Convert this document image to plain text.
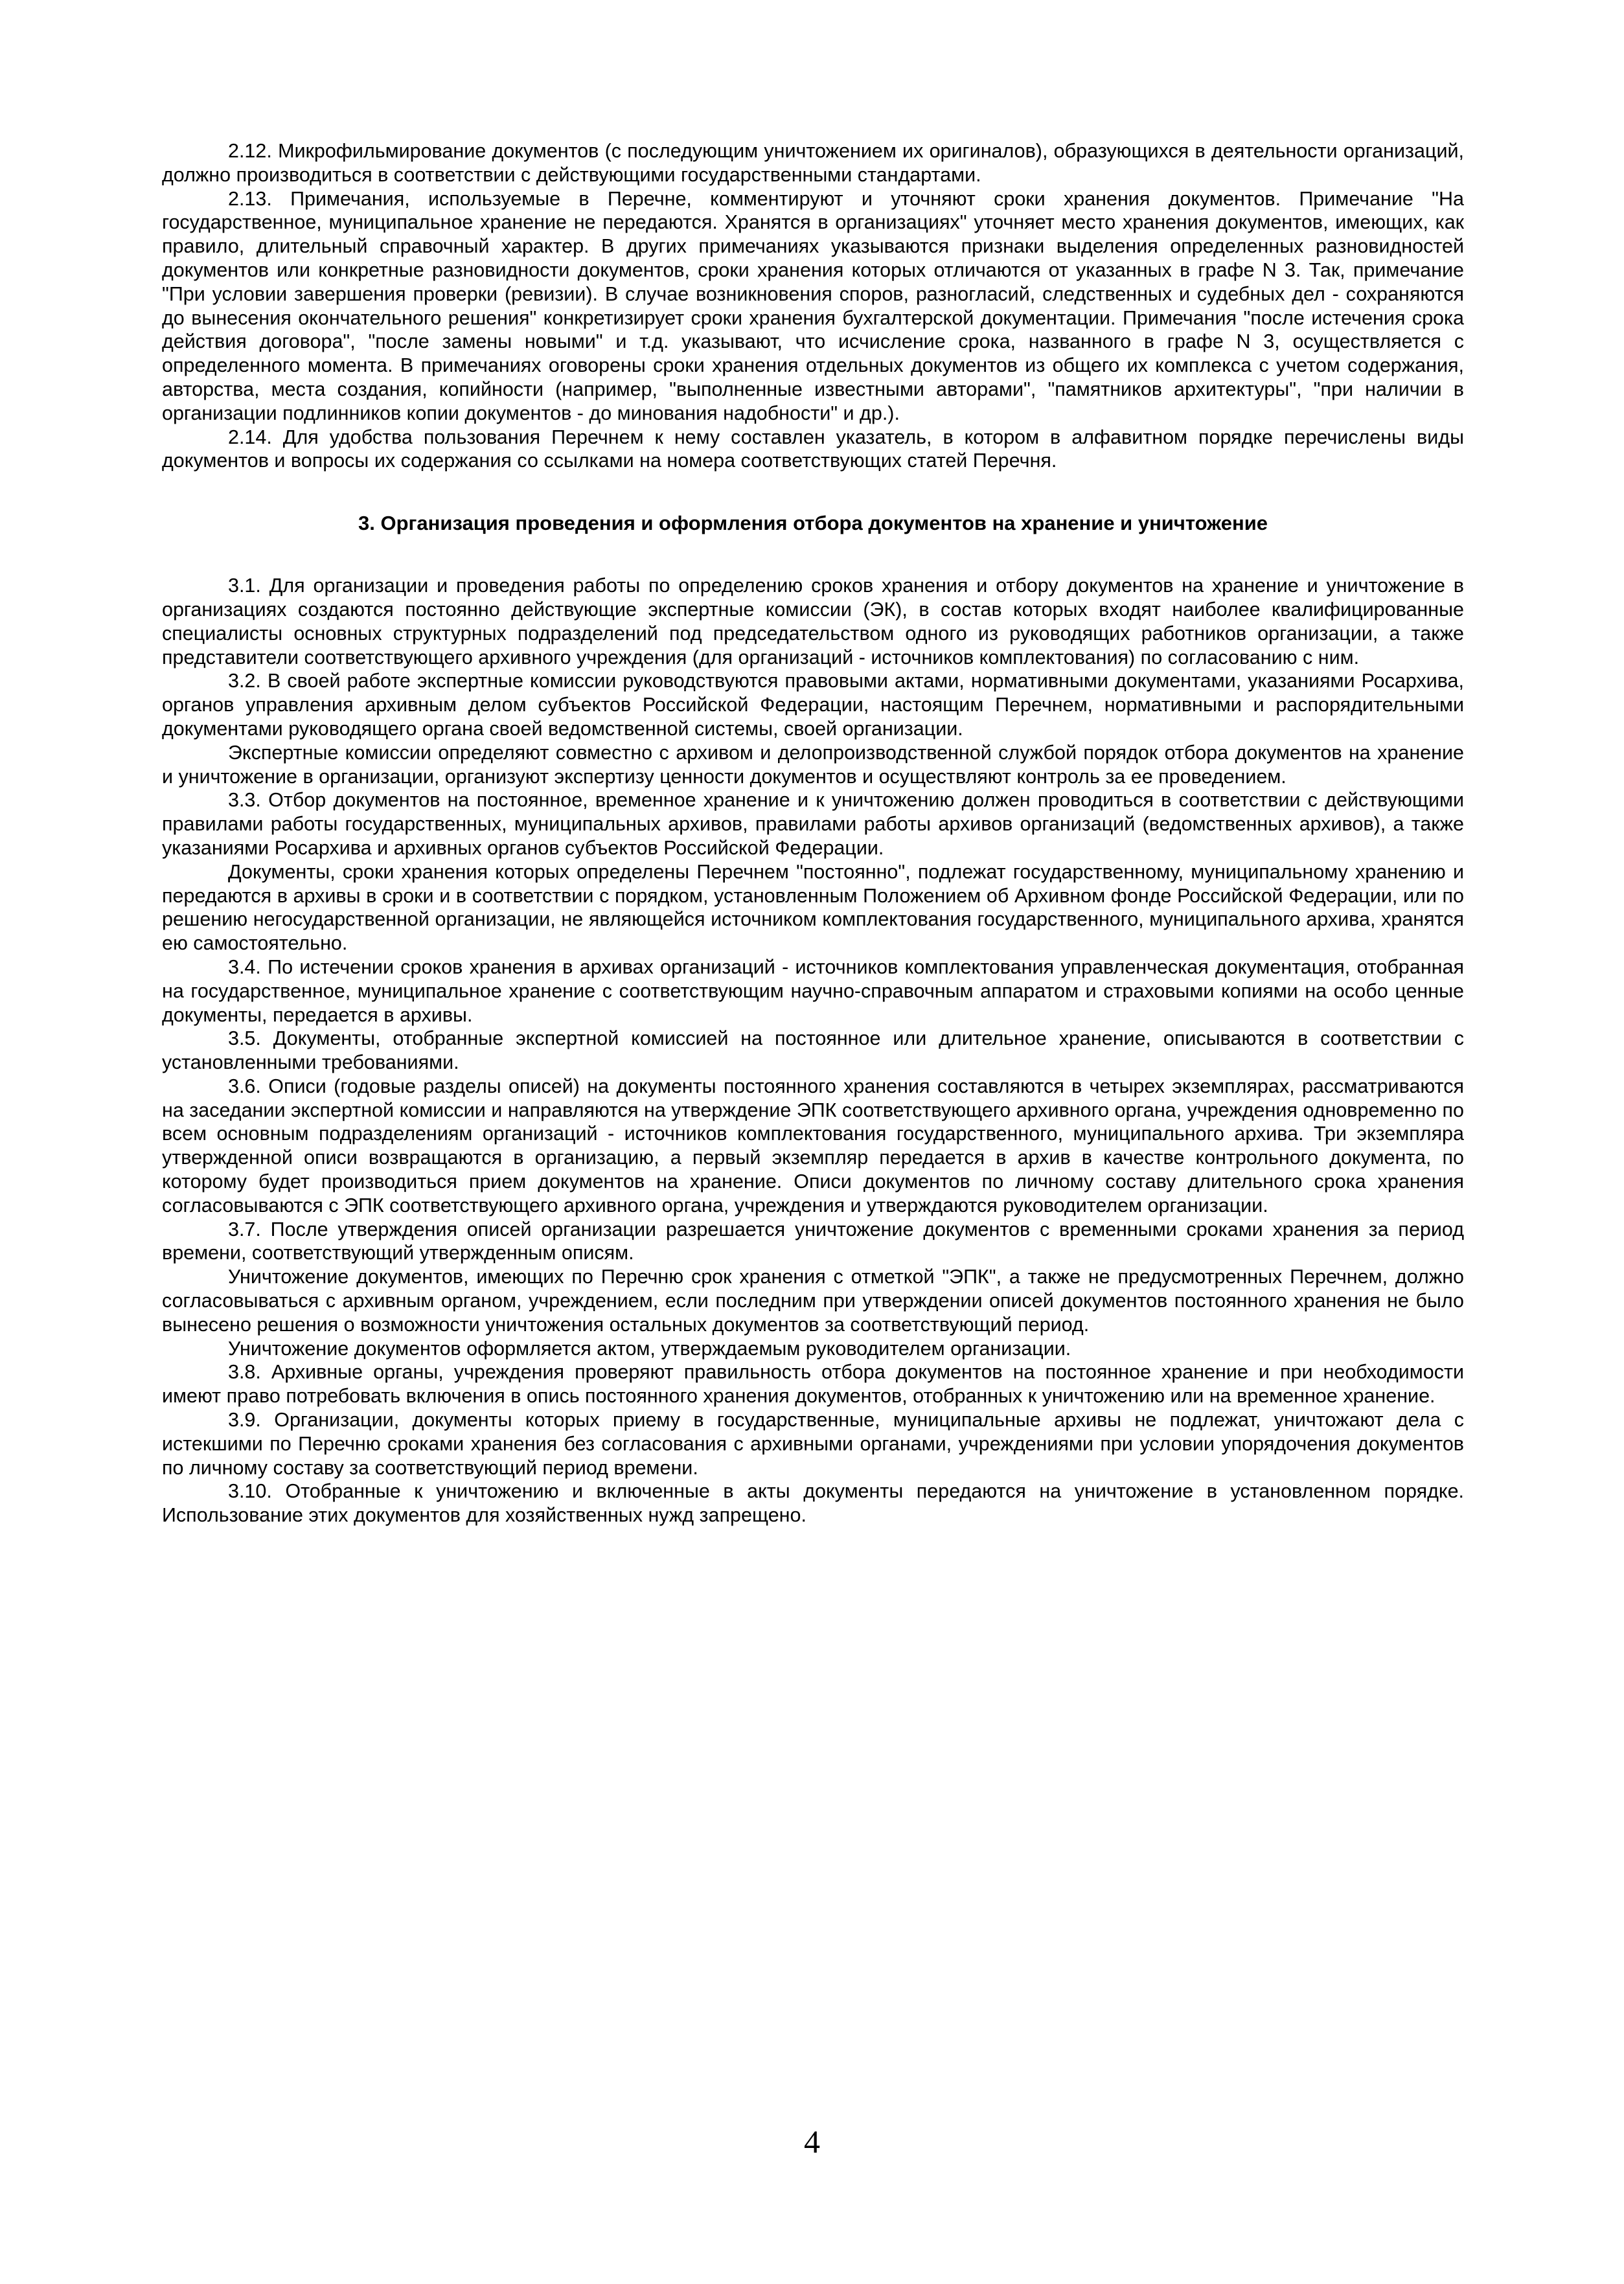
2.12. Микрофильмирование документов (с последующим уничтожением их оригиналов), образующихся в деятельности организаций, должно производиться в соответствии с действующими государственными стандартами.

2.13. Примечания, используемые в Перечне, комментируют и уточняют сроки хранения документов. Примечание "На государственное, муниципальное хранение не передаются. Хранятся в организациях" уточняет место хранения документов, имеющих, как правило, длительный справочный характер. В других примечаниях указываются признаки выделения определенных разновидностей документов или конкретные разновидности документов, сроки хранения которых отличаются от указанных в графе N 3. Так, примечание "При условии завершения проверки (ревизии). В случае возникновения споров, разногласий, следственных и судебных дел - сохраняются до вынесения окончательного решения" конкретизирует сроки хранения бухгалтерской документации. Примечания "после истечения срока действия договора", "после замены новыми" и т.д. указывают, что исчисление срока, названного в графе N 3, осуществляется с определенного момента. В примечаниях оговорены сроки хранения отдельных документов из общего их комплекса с учетом содержания, авторства, места создания, копийности (например, "выполненные известными авторами", "памятников архитектуры", "при наличии в организации подлинников копии документов - до минования надобности" и др.).

2.14. Для удобства пользования Перечнем к нему составлен указатель, в котором в алфавитном порядке перечислены виды документов и вопросы их содержания со ссылками на номера соответствующих статей Перечня.

3. Организация проведения и оформления отбора документов на хранение и уничтожение

3.1. Для организации и проведения работы по определению сроков хранения и отбору документов на хранение и уничтожение в организациях создаются постоянно действующие экспертные комиссии (ЭК), в состав которых входят наиболее квалифицированные специалисты основных структурных подразделений под председательством одного из руководящих работников организации, а также представители соответствующего архивного учреждения (для организаций - источников комплектования) по согласованию с ним.

3.2. В своей работе экспертные комиссии руководствуются правовыми актами, нормативными документами, указаниями Росархива, органов управления архивным делом субъектов Российской Федерации, настоящим Перечнем, нормативными и распорядительными документами руководящего органа своей ведомственной системы, своей организации.

Экспертные комиссии определяют совместно с архивом и делопроизводственной службой порядок отбора документов на хранение и уничтожение в организации, организуют экспертизу ценности документов и осуществляют контроль за ее проведением.

3.3. Отбор документов на постоянное, временное хранение и к уничтожению должен проводиться в соответствии с действующими правилами работы государственных, муниципальных архивов, правилами работы архивов организаций (ведомственных архивов), а также указаниями Росархива и архивных органов субъектов Российской Федерации.

Документы, сроки хранения которых определены Перечнем "постоянно", подлежат государственному, муниципальному хранению и передаются в архивы в сроки и в соответствии с порядком, установленным Положением об Архивном фонде Российской Федерации, или по решению негосударственной организации, не являющейся источником комплектования государственного, муниципального архива, хранятся ею самостоятельно.

3.4. По истечении сроков хранения в архивах организаций - источников комплектования управленческая документация, отобранная на государственное, муниципальное хранение с соответствующим научно-справочным аппаратом и страховыми копиями на особо ценные документы, передается в архивы.

3.5. Документы, отобранные экспертной комиссией на постоянное или длительное хранение, описываются в соответствии с установленными требованиями.

3.6. Описи (годовые разделы описей) на документы постоянного хранения составляются в четырех экземплярах, рассматриваются на заседании экспертной комиссии и направляются на утверждение ЭПК соответствующего архивного органа, учреждения одновременно по всем основным подразделениям организаций - источников комплектования государственного, муниципального архива. Три экземпляра утвержденной описи возвращаются в организацию, а первый экземпляр передается в архив в качестве контрольного документа, по которому будет производиться прием документов на хранение. Описи документов по личному составу длительного срока хранения согласовываются с ЭПК соответствующего архивного органа, учреждения и утверждаются руководителем организации.

3.7. После утверждения описей организации разрешается уничтожение документов с временными сроками хранения за период времени, соответствующий утвержденным описям.

Уничтожение документов, имеющих по Перечню срок хранения с отметкой "ЭПК", а также не предусмотренных Перечнем, должно согласовываться с архивным органом, учреждением, если последним при утверждении описей документов постоянного хранения не было вынесено решения о возможности уничтожения остальных документов за соответствующий период.

Уничтожение документов оформляется актом, утверждаемым руководителем организации.

3.8. Архивные органы, учреждения проверяют правильность отбора документов на постоянное хранение и при необходимости имеют право потребовать включения в опись постоянного хранения документов, отобранных к уничтожению или на временное хранение.

3.9. Организации, документы которых приему в государственные, муниципальные архивы не подлежат, уничтожают дела с истекшими по Перечню сроками хранения без согласования с архивными органами, учреждениями при условии упорядочения документов по личному составу за соответствующий период времени.

3.10. Отобранные к уничтожению и включенные в акты документы передаются на уничтожение в установленном порядке. Использование этих документов для хозяйственных нужд запрещено.

4
